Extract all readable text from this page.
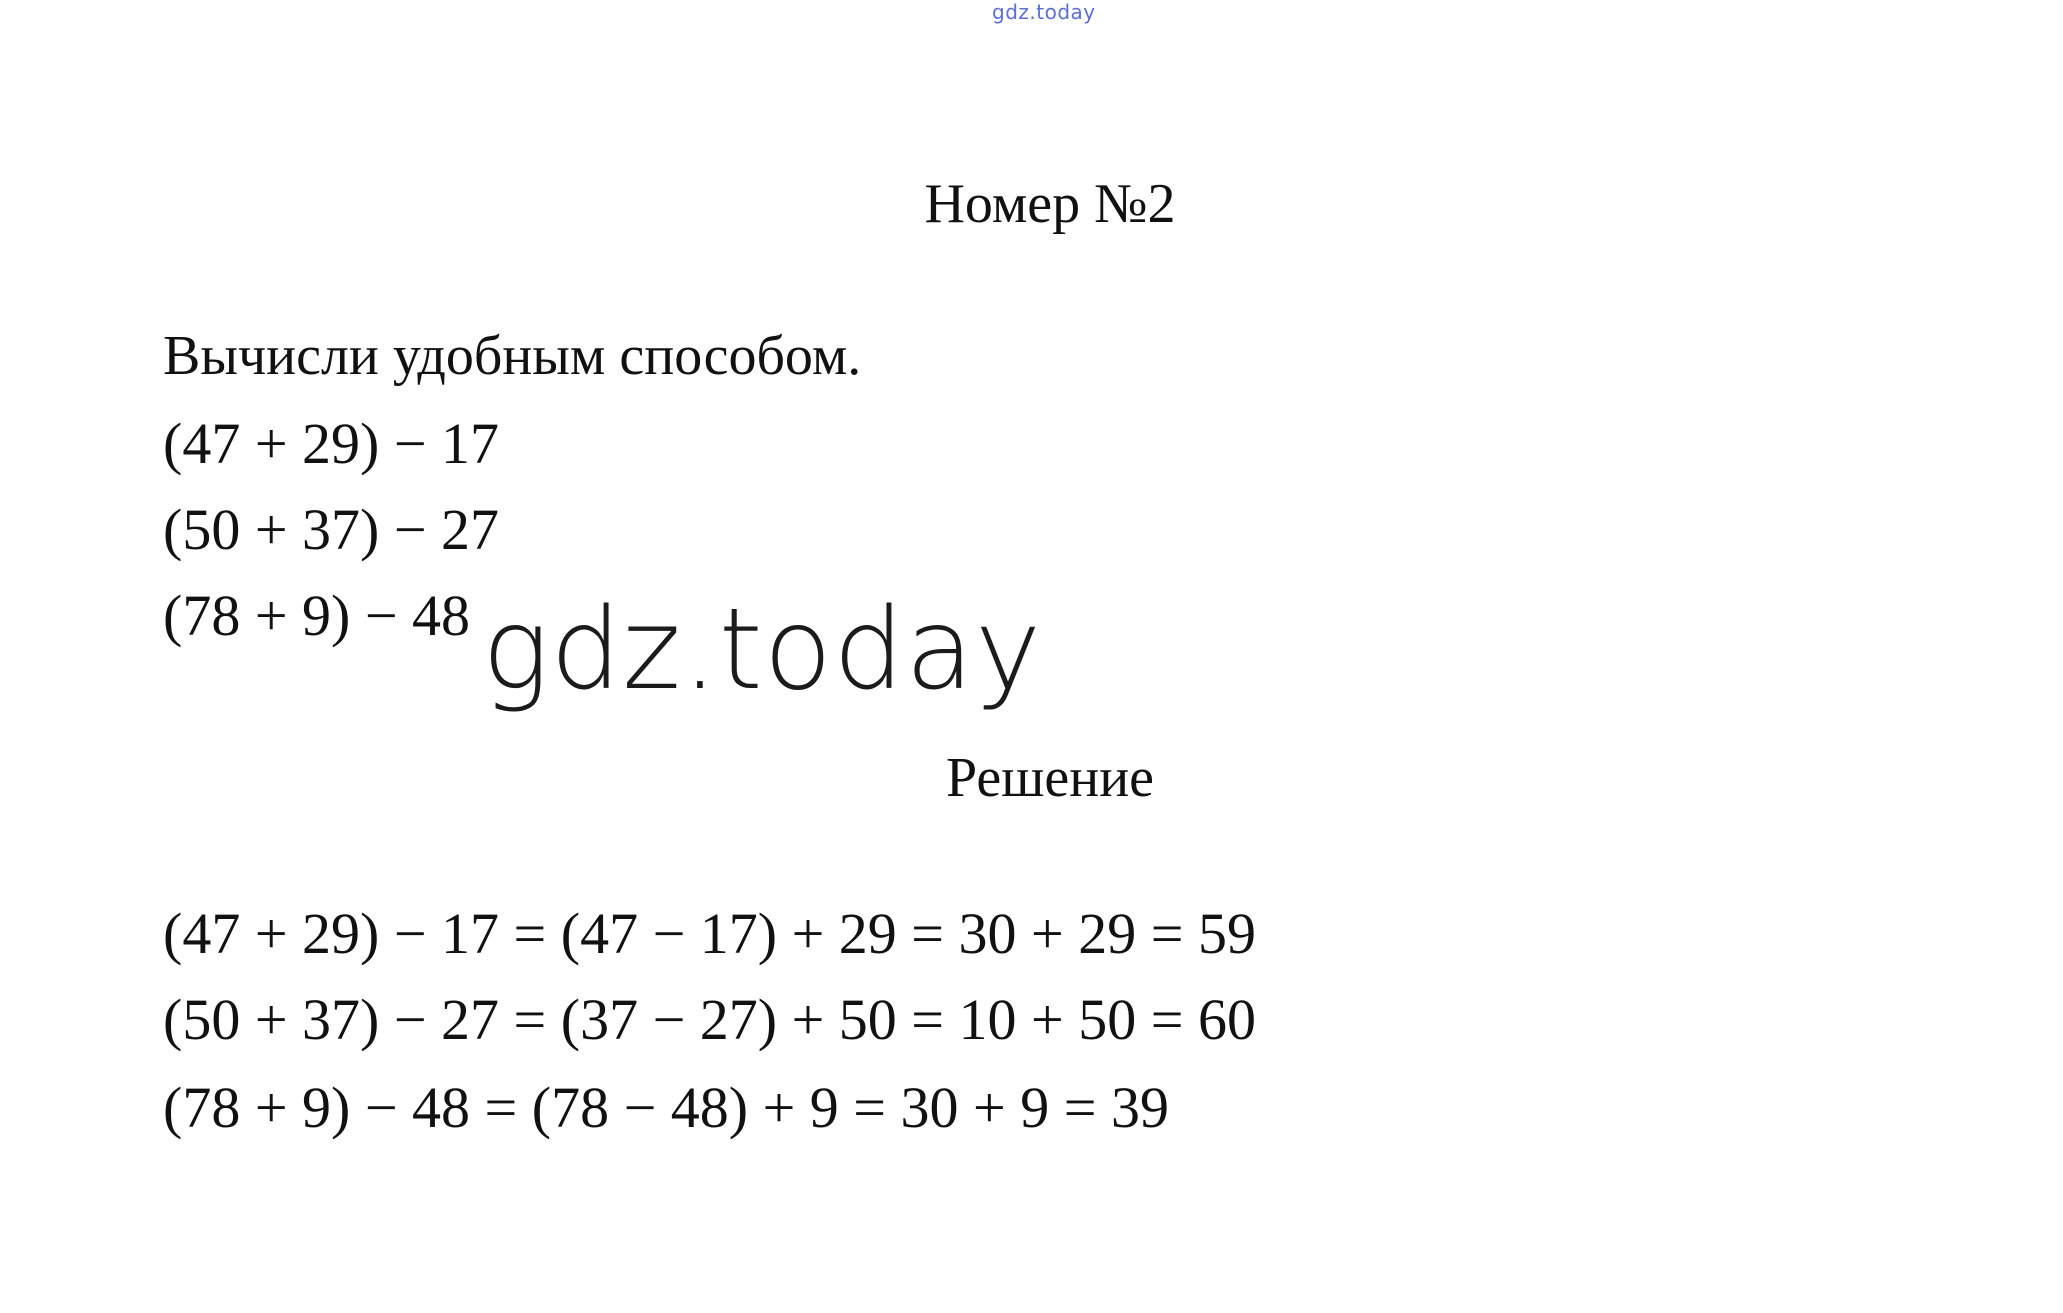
gdz.today
Номер №2
Вычисли удобным способом.
(47 + 29) − 17
(50 + 37) − 27
(78 + 9) − 48 gdz.today
Решение
(47 + 29) − 17 = (47 − 17) + 29 = 30 + 29 = 59
(50 + 37) − 27 = (37 − 27) + 50 = 10 + 50 = 60
(78 + 9) − 48 = (78 − 48) + 9 = 30 + 9 = 39
